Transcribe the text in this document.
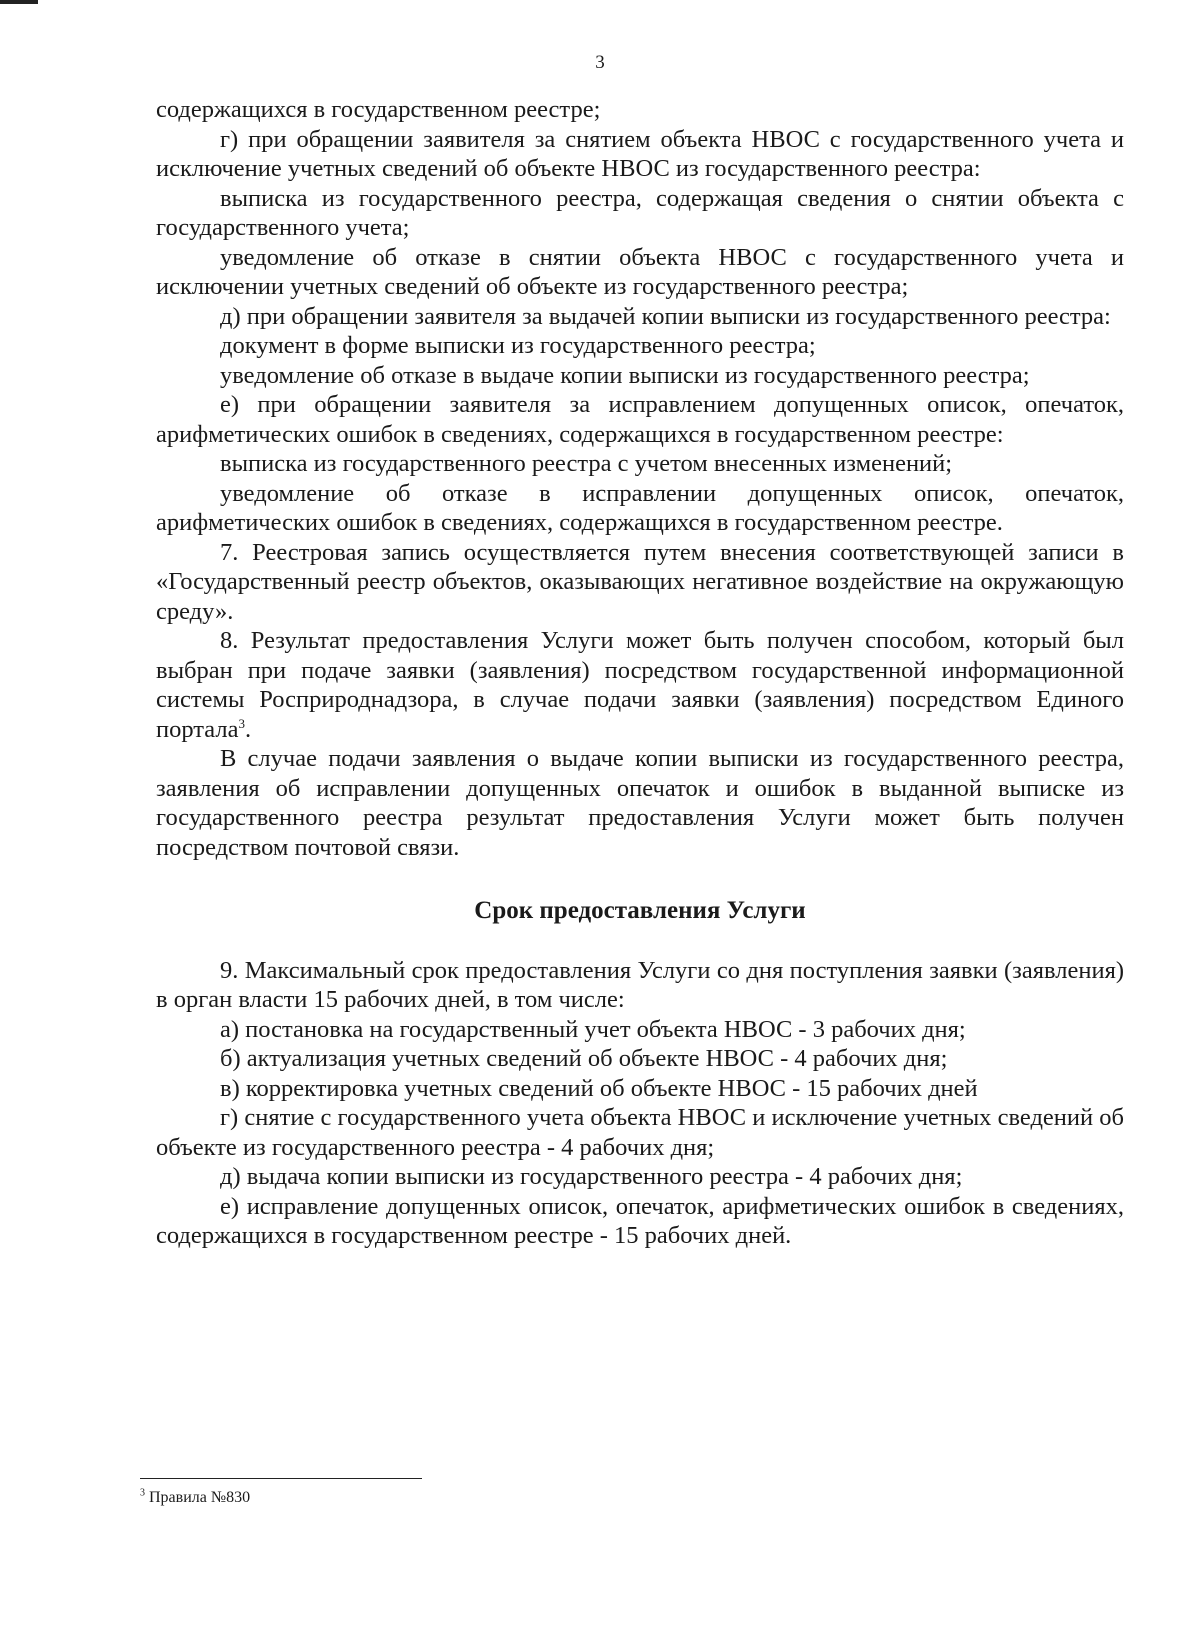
3

содержащихся в государственном реестре;

г) при обращении заявителя за снятием объекта НВОС с государственного учета и исключение учетных сведений об объекте НВОС из государственного реестра:

выписка из государственного реестра, содержащая сведения о снятии объекта с государственного учета;

уведомление об отказе в снятии объекта НВОС с государственного учета и исключении учетных сведений об объекте из государственного реестра;

д) при обращении заявителя за выдачей копии выписки из государственного реестра:

документ в форме выписки из государственного реестра;

уведомление об отказе в выдаче копии выписки из государственного реестра;

е) при обращении заявителя за исправлением допущенных описок, опечаток, арифметических ошибок в сведениях, содержащихся в государственном реестре:

выписка из государственного реестра с учетом внесенных изменений;

уведомление об отказе в исправлении допущенных описок, опечаток, арифметических ошибок в сведениях, содержащихся в государственном реестре.

7. Реестровая запись осуществляется путем внесения соответствующей записи в «Государственный реестр объектов, оказывающих негативное воздействие на окружающую среду».

8. Результат предоставления Услуги может быть получен способом, который был выбран при подаче заявки (заявления) посредством государственной информационной системы Росприроднадзора, в случае подачи заявки (заявления) посредством Единого портала$^3$.

В случае подачи заявления о выдаче копии выписки из государственного реестра, заявления об исправлении допущенных опечаток и ошибок в выданной выписке из государственного реестра результат предоставления Услуги может быть получен посредством почтовой связи.

Срок предоставления Услуги

9. Максимальный срок предоставления Услуги со дня поступления заявки (заявления) в орган власти 15 рабочих дней, в том числе:

а) постановка на государственный учет объекта НВОС - 3 рабочих дня;

б) актуализация учетных сведений об объекте НВОС - 4 рабочих дня;

в) корректировка учетных сведений об объекте НВОС - 15 рабочих дней

г) снятие с государственного учета объекта НВОС и исключение учетных сведений об объекте из государственного реестра - 4 рабочих дня;

д) выдача копии выписки из государственного реестра - 4 рабочих дня;

е) исправление допущенных описок, опечаток, арифметических ошибок в сведениях, содержащихся в государственном реестре - 15 рабочих дней.

$^3$ Правила №830
